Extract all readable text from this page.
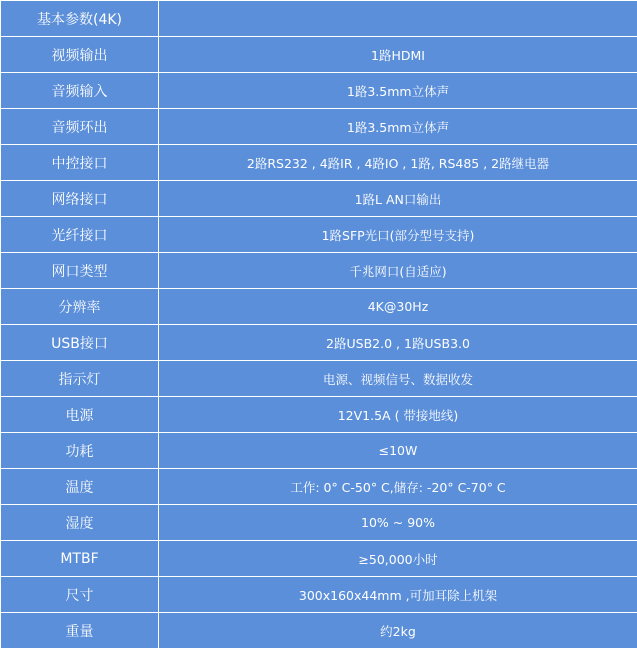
基本参数(4K)	
视频输出	1路HDMI
音频输入	1路3.5mm立体声
音频环出	1路3.5mm立体声
中控接口	2路RS232 , 4路IR , 4路IO , 1路, RS485 , 2路继电器
网络接口	1路L AN口输出
光纤接口	1路SFP光口(部分型号支持)
网口类型	千兆网口(自适应)
分辨率	4K@30Hz
USB接口	2路USB2.0 , 1路USB3.0
指示灯	电源、视频信号、数据收发
电源	12V1.5A ( 带接地线)
功耗	≤10W
温度	工作: 0° C-50° C,储存: -20° C-70° C
湿度	10% ~ 90%
MTBF	≥50,000小时
尺寸	300x160x44mm ,可加耳除上机架
重量	约2kg
